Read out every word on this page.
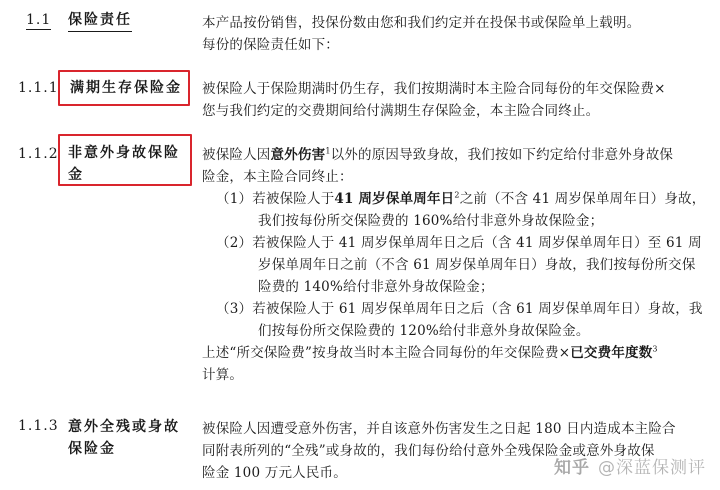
1.1 保险责任	本产品按份销售，投保份数由您和我们约定并在投保书或保险单上载明。

每份的保险责任如下：

1.1.1 满期生存保险金 被保险人于保险期满时仍生存，我们按期满时本主险合同每份的年交保险费×

您与我们约定的交费期间给付满期生存保险金，本主险合同终止。

1.1.2 非意外身故保险
金

被保险人因意外伤害$^1$以外的原因导致身故，我们按如下约定给付非意外身故保

险金，本主险合同终止：

（1）若被保险人于41 周岁保单周年日$^2$之前（不含 41 周岁保单周年日）身故，

我们按每份所交保险费的 160%给付非意外身故保险金；

（2）若被保险人于 41 周岁保单周年日之后（含 41 周岁保单周年日）至 61 周

岁保单周年日之前（不含 61 周岁保单周年日）身故，我们按每份所交保

险费的 140%给付非意外身故保险金；

（3）若被保险人于 61 周岁保单周年日之后（含 61 周岁保单周年日）身故，我

们按每份所交保险费的 120%给付非意外身故保险金。

上述“所交保险费”按身故当时本主险合同每份的年交保险费×已交费年度数$^3$

计算。

1.1.3 意外全残或身故
保险金

被保险人因遭受意外伤害，并自该意外伤害发生之日起 180 日内造成本主险合

同附表所列的“全残”或身故的，我们每份给付意外全残保险金或意外身故保

险金 100 万元人民币。	知乎 @深蓝保测评
